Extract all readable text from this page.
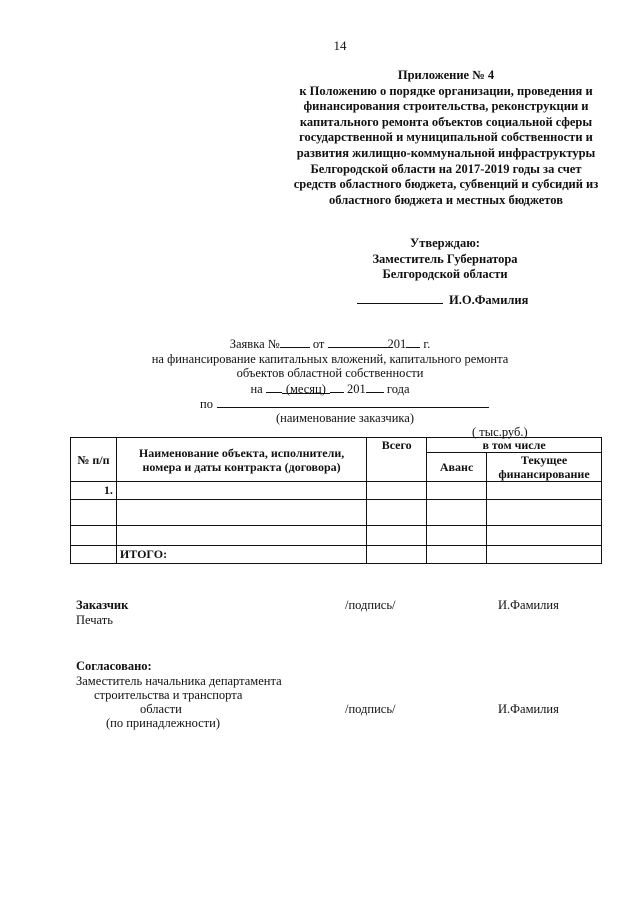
14
Приложение № 4
к Положению о порядке организации, проведения и
финансирования строительства, реконструкции и
капитального ремонта объектов социальной сферы
государственной и муниципальной собственности и
развития жилищно-коммунальной инфраструктуры
Белгородской области на 2017-2019 годы за счет
средств областного бюджета, субвенций и субсидий из
областного бюджета и местных бюджетов
Утверждаю:
Заместитель Губернатора
Белгородской области
И.О.Фамилия
Заявка №	от	201 г.
на финансирование капитальных вложений, капитального ремонта
объектов областной собственности
на (месяц) 201 года
по
(наименование заказчика)
( тыс.руб.)
№ п/п	Наименование объекта, исполнители, номера и даты контракта (договора)	Всего	в том числе	
			Аванс	Текущее финансирование
1.				

	ИТОГО:			
Заказчик
Печать
/подпись/	И.Фамилия
Согласовано:
Заместитель начальника департамента
строительства и транспорта
области
(по принадлежности)
/подпись/	И.Фамилия
